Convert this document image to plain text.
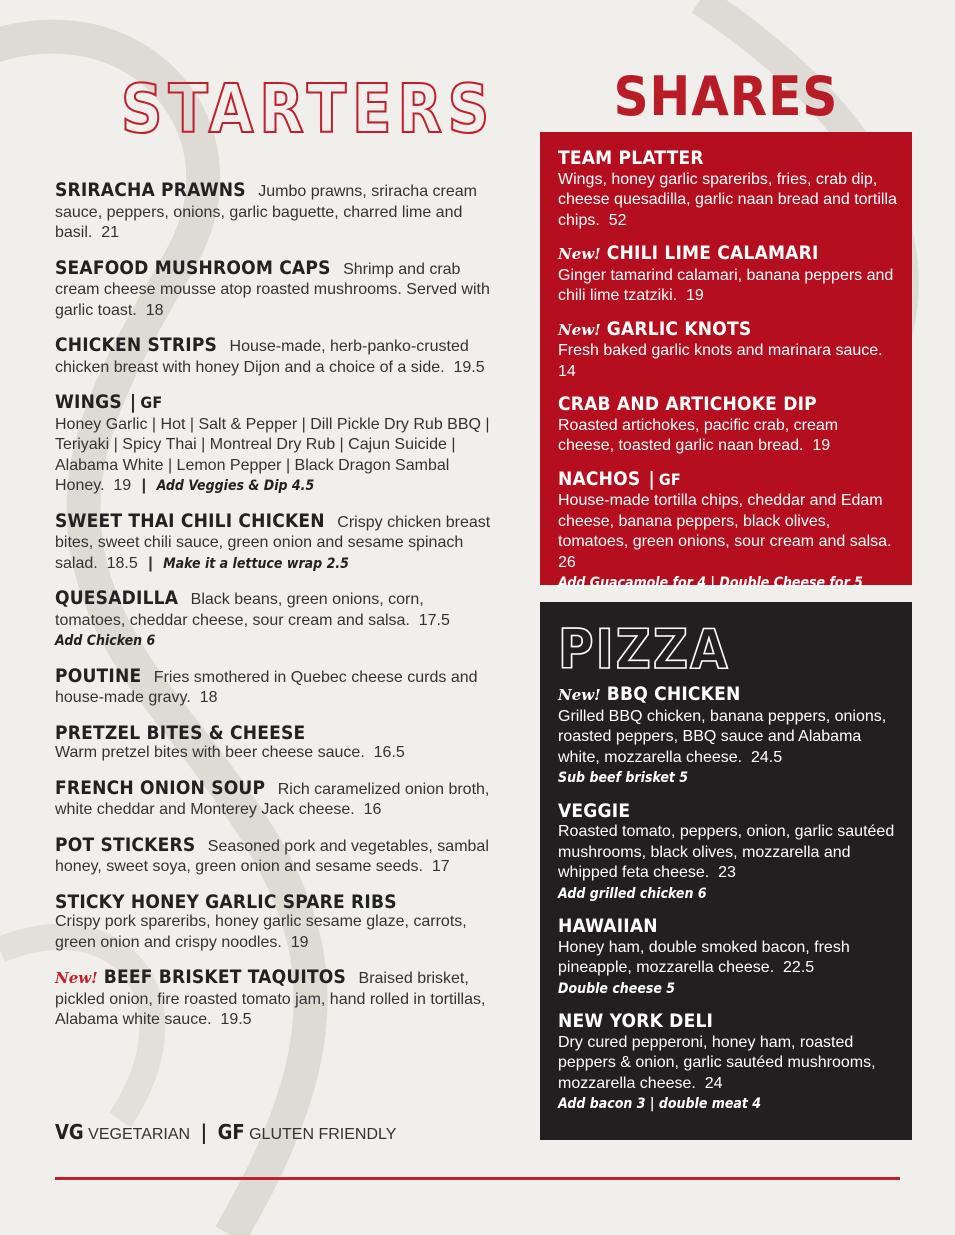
STARTERS
SRIRACHA PRAWNS Jumbo prawns, sriracha cream sauce, peppers, onions, garlic baguette, charred lime and basil. 21
SEAFOOD MUSHROOM CAPS Shrimp and crab cream cheese mousse atop roasted mushrooms. Served with garlic toast. 18
CHICKEN STRIPS House-made, herb-panko-crusted chicken breast with honey Dijon and a choice of a side. 19.5
WINGS | GF
Honey Garlic | Hot | Salt & Pepper | Dill Pickle Dry Rub BBQ | Teriyaki | Spicy Thai | Montreal Dry Rub | Cajun Suicide | Alabama White | Lemon Pepper | Black Dragon Sambal Honey. 19 | Add Veggies & Dip 4.5
SWEET THAI CHILI CHICKEN Crispy chicken breast bites, sweet chili sauce, green onion and sesame spinach salad. 18.5 | Make it a lettuce wrap 2.5
QUESADILLA Black beans, green onions, corn, tomatoes, cheddar cheese, sour cream and salsa. 17.5
Add Chicken 6
POUTINE Fries smothered in Quebec cheese curds and house-made gravy. 18
PRETZEL BITES & CHEESE
Warm pretzel bites with beer cheese sauce. 16.5
FRENCH ONION SOUP Rich caramelized onion broth, white cheddar and Monterey Jack cheese. 16
POT STICKERS Seasoned pork and vegetables, sambal honey, sweet soya, green onion and sesame seeds. 17
STICKY HONEY GARLIC SPARE RIBS
Crispy pork spareribs, honey garlic sesame glaze, carrots, green onion and crispy noodles. 19
New! BEEF BRISKET TAQUITOS Braised brisket, pickled onion, fire roasted tomato jam, hand rolled in tortillas, Alabama white sauce. 19.5
VG VEGETARIAN | GF GLUTEN FRIENDLY
SHARES
TEAM PLATTER
Wings, honey garlic spareribs, fries, crab dip, cheese quesadilla, garlic naan bread and tortilla chips. 52
New! CHILI LIME CALAMARI
Ginger tamarind calamari, banana peppers and chili lime tzatziki. 19
New! GARLIC KNOTS
Fresh baked garlic knots and marinara sauce.  14
CRAB AND ARTICHOKE DIP
Roasted artichokes, pacific crab, cream cheese, toasted garlic naan bread. 19
NACHOS | GF
House-made tortilla chips, cheddar and Edam cheese, banana peppers, black olives, tomatoes, green onions, sour cream and salsa.  26
Add Guacamole for 4 | Double Cheese for 5
PIZZA
New! BBQ CHICKEN
Grilled BBQ chicken, banana peppers, onions, roasted peppers, BBQ sauce and Alabama white, mozzarella cheese. 24.5
Sub beef brisket 5
VEGGIE
Roasted tomato, peppers, onion, garlic sautéed mushrooms, black olives, mozzarella and whipped feta cheese. 23
Add grilled chicken 6
HAWAIIAN
Honey ham, double smoked bacon, fresh pineapple, mozzarella cheese. 22.5
Double cheese 5
NEW YORK DELI
Dry cured pepperoni, honey ham, roasted peppers & onion, garlic sautéed mushrooms, mozzarella cheese. 24
Add bacon 3 | double meat 4
